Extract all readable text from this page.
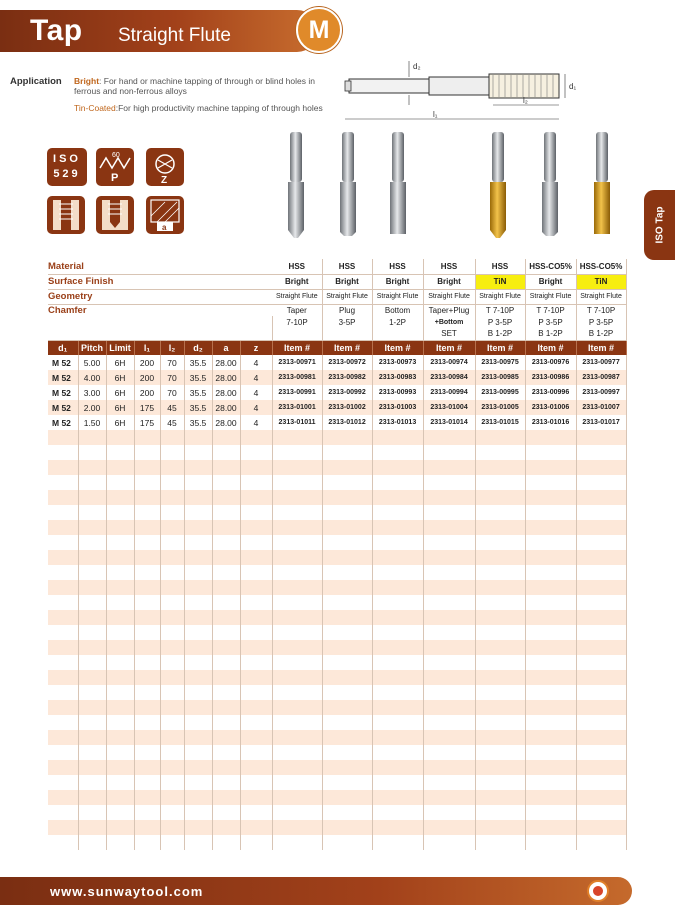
Tap Straight Flute	M
Application Bright: For hand or machine tapping of through or blind holes in ferrous and non-ferrous alloys
Tin-Coated:For high productivity machine tapping of through holes
d₂
d₁
l₂
l₁
ISO
529
60
P	Z
a	ISO Tap
Material								HSS	HSS	HSS	HSS	HSS	HSS-CO5%	HSS-CO5%
Surface Finish								Bright	Bright	Bright	Bright	TiN	Bright	TiN
Geometry								Straight Flute	Straight Flute	Straight Flute	Straight Flute	Straight Flute	Straight Flute	Straight Flute
Chamfer								Taper	Plug	Bottom	Taper+Plug	T 7-10P	T 7-10P	T 7-10P
								7-10P	3-5P	1-2P	+Bottom	P 3-5P	P 3-5P	P 3-5P
											SET	B 1-2P	B 1-2P	B 1-2P
d₁	Pitch	Limit	l₁	l₂	d₂	a	z	Item #	Item #	Item #	Item #	Item #	Item #	Item #
M 52	5.00	6H	200	70	35.5	28.00	4	2313-00971	2313-00972	2313-00973	2313-00974	2313-00975	2313-00976	2313-00977
M 52	4.00	6H	200	70	35.5	28.00	4	2313-00981	2313-00982	2313-00983	2313-00984	2313-00985	2313-00986	2313-00987
M 52	3.00	6H	200	70	35.5	28.00	4	2313-00991	2313-00992	2313-00993	2313-00994	2313-00995	2313-00996	2313-00997
M 52	2.00	6H	175	45	35.5	28.00	4	2313-01001	2313-01002	2313-01003	2313-01004	2313-01005	2313-01006	2313-01007
M 52	1.50	6H	175	45	35.5	28.00	4	2313-01011	2313-01012	2313-01013	2313-01014	2313-01015	2313-01016	2313-01017

www.sunwaytool.com
